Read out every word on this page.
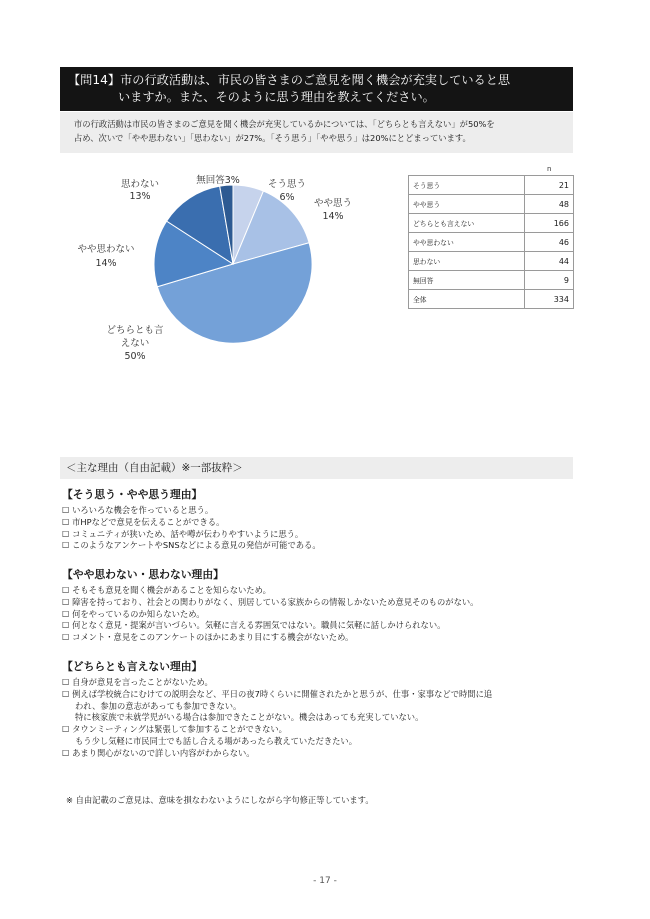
【問14】市の行政活動は、市民の皆さまのご意見を聞く機会が充実していると思
いますか。また、そのように思う理由を教えてください。
市の行政活動は市民の皆さまのご意見を聞く機会が充実しているかについては、「どちらとも言えない」が50%を
占め、次いで「やや思わない」「思わない」が27%。「そう思う」「やや思う」は20%にとどまっています。
思わない
13%
無回答3%	そう思う
6%
やや思う
14%
やや思わない
14%
どちらとも言
えない
50%
n
そう思う	21
やや思う	48
どちらとも言えない	166
やや思わない	46
思わない	44
無回答	9
全体	334
＜主な理由（自由記載）※一部抜粋＞
【そう思う・やや思う理由】
☐ いろいろな機会を作っていると思う。
☐ 市HPなどで意見を伝えることができる。
☐ コミュニティが狭いため、話や噂が伝わりやすいように思う。
☐ このようなアンケートやSNSなどによる意見の発信が可能である。
【やや思わない・思わない理由】
☐ そもそも意見を聞く機会があることを知らないため。
☐ 障害を持っており、社会との関わりがなく、別居している家族からの情報しかないため意見そのものがない。
☐ 何をやっているのか知らないため。
☐ 何となく意見・提案が言いづらい。気軽に言える雰囲気ではない。職員に気軽に話しかけられない。
☐ コメント・意見をこのアンケートのほかにあまり目にする機会がないため。
【どちらとも言えない理由】
☐ 自身が意見を言ったことがないため。
☐ 例えば学校統合にむけての説明会など、平日の夜7時くらいに開催されたかと思うが、仕事・家事などで時間に追
われ、参加の意志があっても参加できない。
特に核家族で未就学児がいる場合は参加できたことがない。機会はあっても充実していない。
☐ タウンミーティングは緊張して参加することができない。
もう少し気軽に市民同士でも話し合える場があったら教えていただきたい。
☐ あまり関心がないので詳しい内容がわからない。
※ 自由記載のご意見は、意味を損なわないようにしながら字句修正等しています。
- 17 -
